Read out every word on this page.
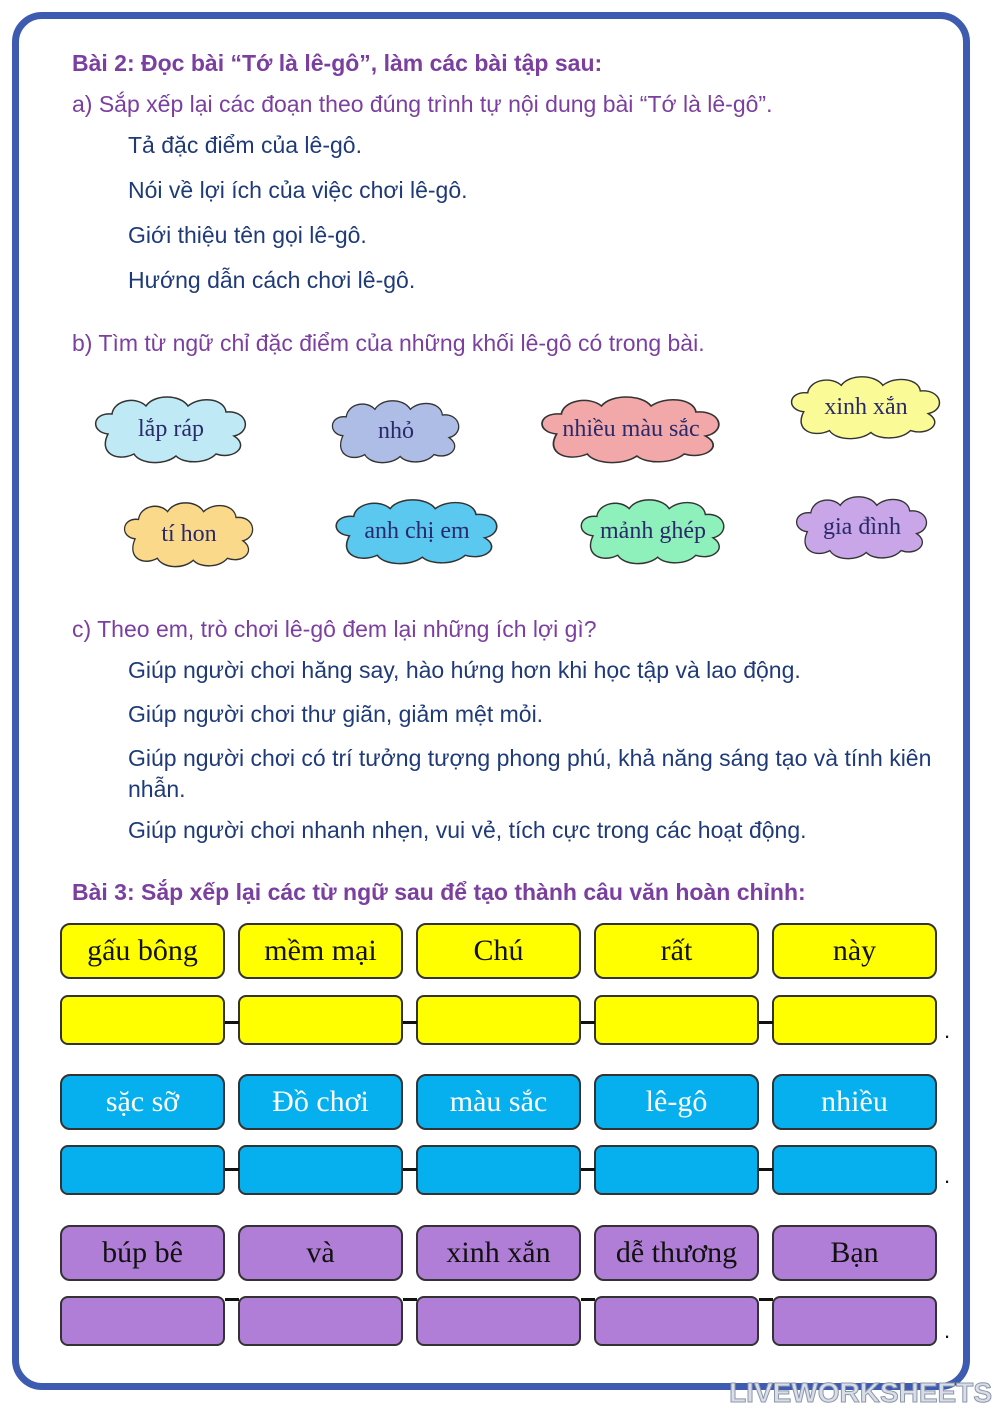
Bài 2: Đọc bài “Tớ là lê-gô”, làm các bài tập sau:
a) Sắp xếp lại các đoạn theo đúng trình tự nội dung bài “Tớ là lê-gô”.
Tả đặc điểm của lê-gô.
Nói về lợi ích của việc chơi lê-gô.
Giới thiệu tên gọi lê-gô.
Hướng dẫn cách chơi lê-gô.
b) Tìm từ ngữ chỉ đặc điểm của những khối lê-gô có trong bài.
lắp ráp	nhỏ	nhiều màu sắc
xinh xắn
tí hon	anh chị em	mảnh ghép	gia đình
c) Theo em, trò chơi lê-gô đem lại những ích lợi gì?
Giúp người chơi hăng say, hào hứng hơn khi học tập và lao động.
Giúp người chơi thư giãn, giảm mệt mỏi.
Giúp người chơi có trí tưởng tượng phong phú, khả năng sáng tạo và tính kiên nhẫn.
Giúp người chơi nhanh nhẹn, vui vẻ, tích cực trong các hoạt động.
Bài 3: Sắp xếp lại các từ ngữ sau để tạo thành câu văn hoàn chỉnh:
gấu bông	mềm mại	Chú	rất	này
.
sặc sỡ	Đồ chơi	màu sắc	lê-gô	nhiều
.
búp bê	và	xinh xắn	dễ thương	Bạn
.
LIVEWORKSHEETS
